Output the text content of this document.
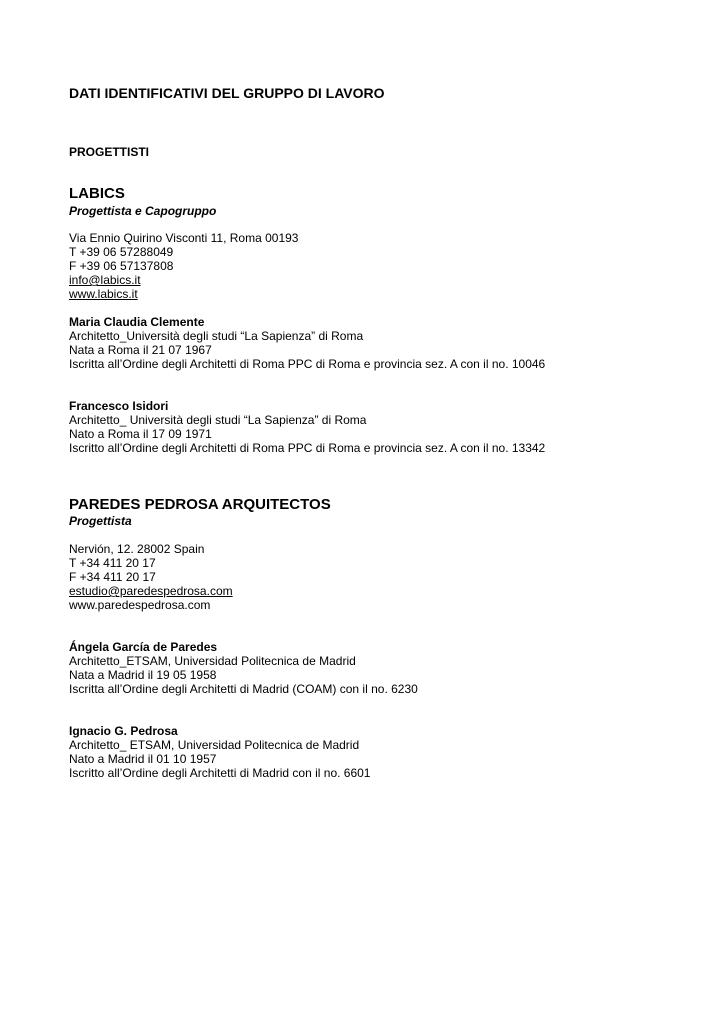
DATI IDENTIFICATIVI DEL GRUPPO DI LAVORO
PROGETTISTI
LABICS
Progettista e Capogruppo
Via Ennio Quirino Visconti 11, Roma 00193
T +39 06 57288049
F +39 06 57137808
info@labics.it
www.labics.it
Maria Claudia Clemente
Architetto_Università degli studi “La Sapienza” di Roma
Nata a Roma il 21 07 1967
Iscritta all’Ordine degli Architetti di Roma PPC di Roma e provincia sez. A con il no. 10046
Francesco Isidori
Architetto_ Università degli studi “La Sapienza” di Roma
Nato a Roma il 17 09 1971
Iscritto all’Ordine degli Architetti di Roma PPC di Roma e provincia sez. A con il no. 13342
PAREDES PEDROSA ARQUITECTOS
Progettista
Nervión, 12. 28002 Spain
T +34 411 20 17
F +34 411 20 17
estudio@paredespedrosa.com
www.paredespedrosa.com
Ángela García de Paredes
Architetto_ETSAM, Universidad Politecnica de Madrid
Nata a Madrid il 19 05 1958
Iscritta all’Ordine degli Architetti di Madrid (COAM) con il no. 6230
Ignacio G. Pedrosa
Architetto_ ETSAM, Universidad Politecnica de Madrid
Nato a Madrid il 01 10 1957
Iscritto all’Ordine degli Architetti di Madrid con il no. 6601
